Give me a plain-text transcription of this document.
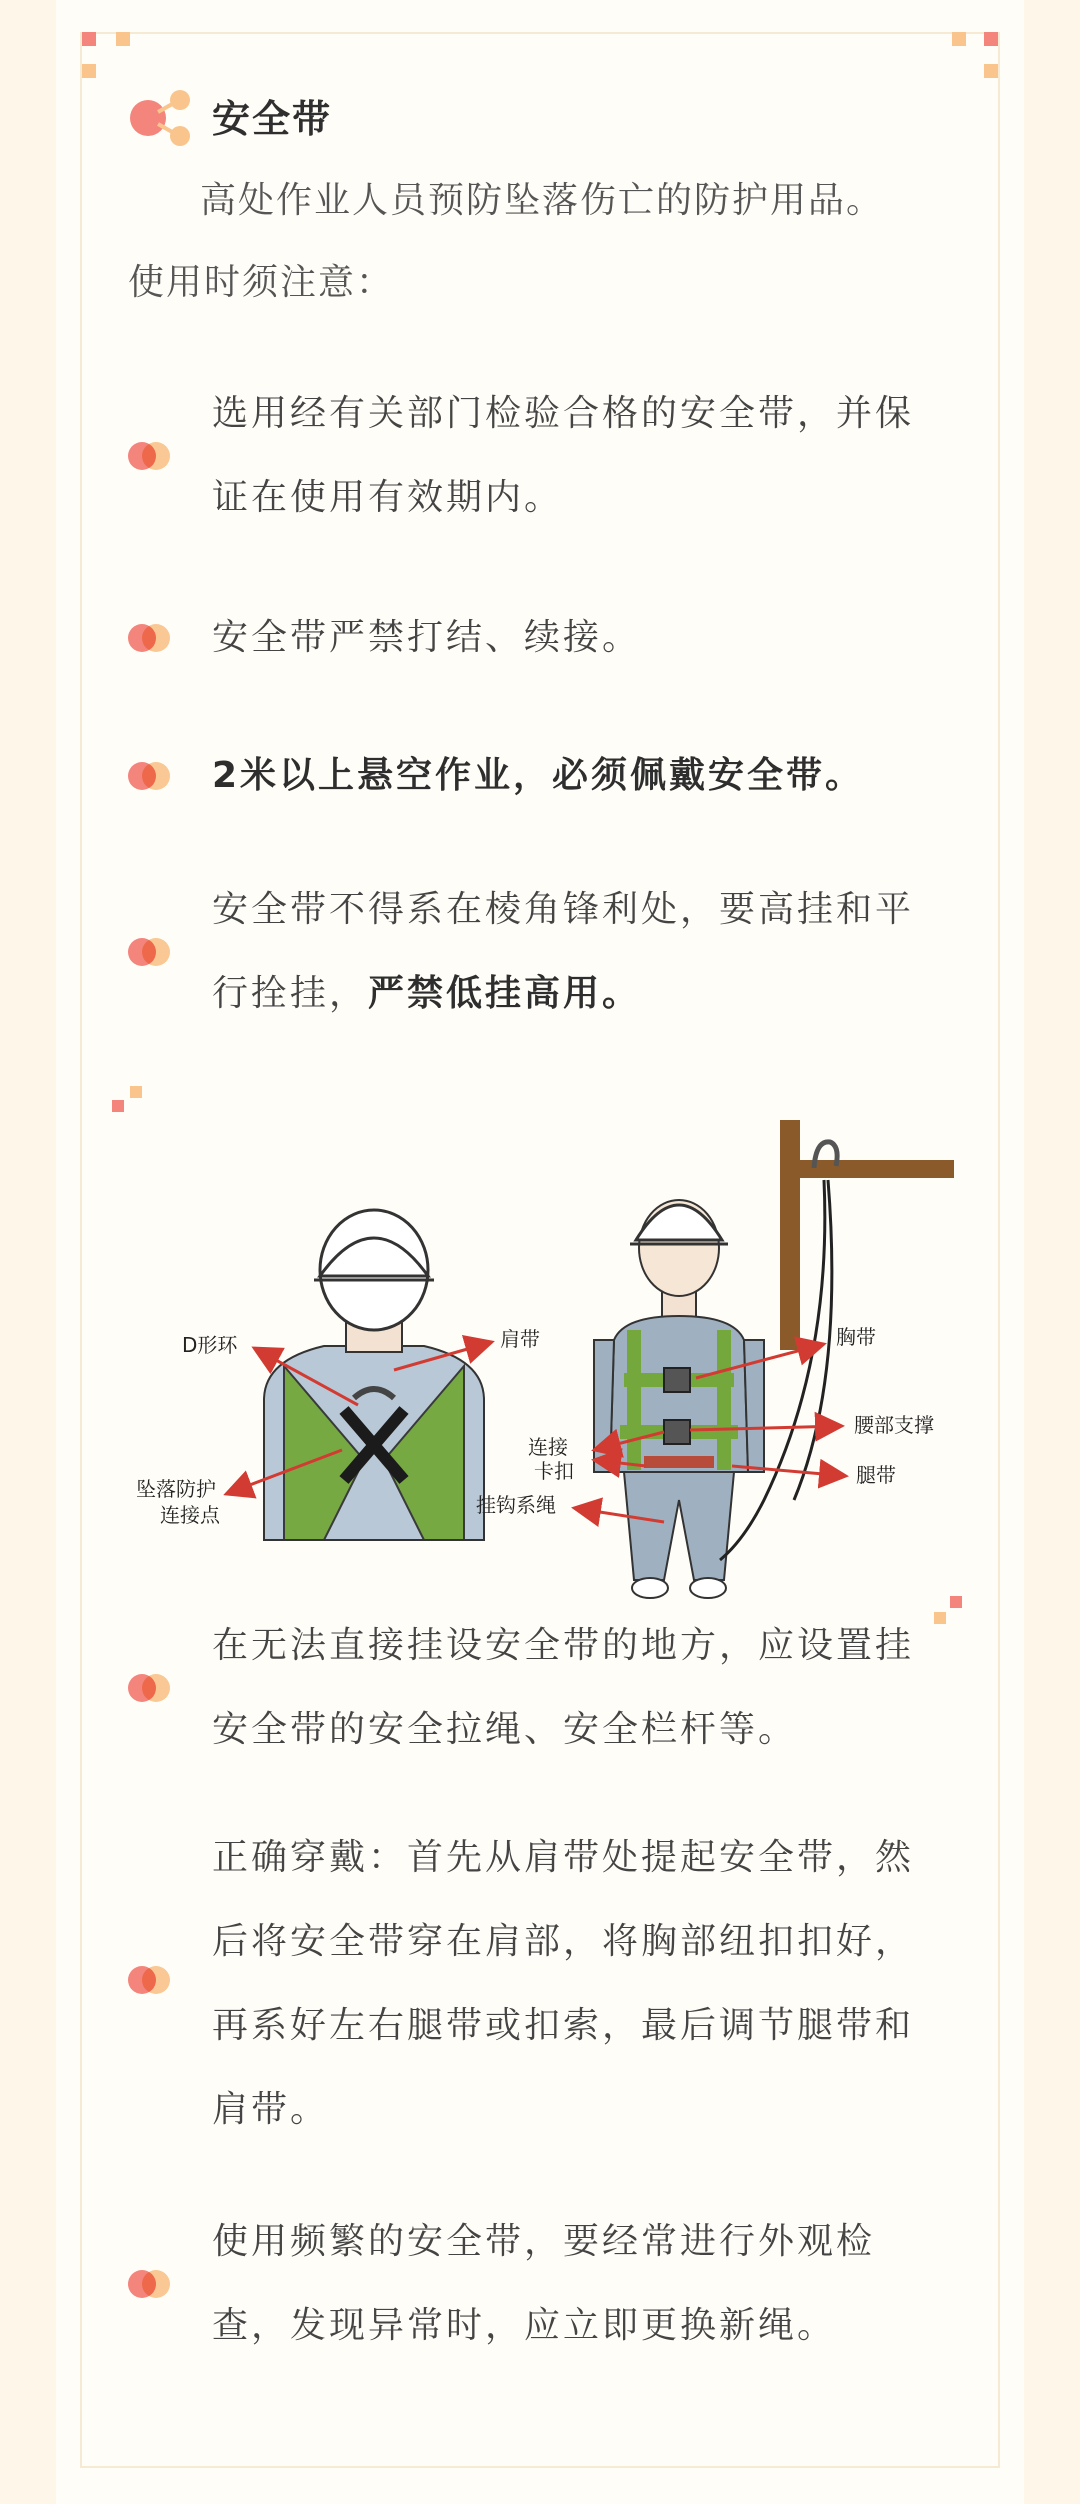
安全带
高处作业人员预防坠落伤亡的防护用品。
使用时须注意：
选用经有关部门检验合格的安全带，并保
证在使用有效期内。
安全带严禁打结、续接。
2米以上悬空作业，必须佩戴安全带。
安全带不得系在棱角锋利处，要高挂和平
行拴挂，严禁低挂高用。
D形环	肩带
坠落防护
连接点
胸带
腰部支撑
连接
卡扣	腿带
挂钩系绳
在无法直接挂设安全带的地方，应设置挂
安全带的安全拉绳、安全栏杆等。
正确穿戴：首先从肩带处提起安全带，然
后将安全带穿在肩部，将胸部纽扣扣好，
再系好左右腿带或扣索，最后调节腿带和
肩带。
使用频繁的安全带，要经常进行外观检
查，发现异常时，应立即更换新绳。
